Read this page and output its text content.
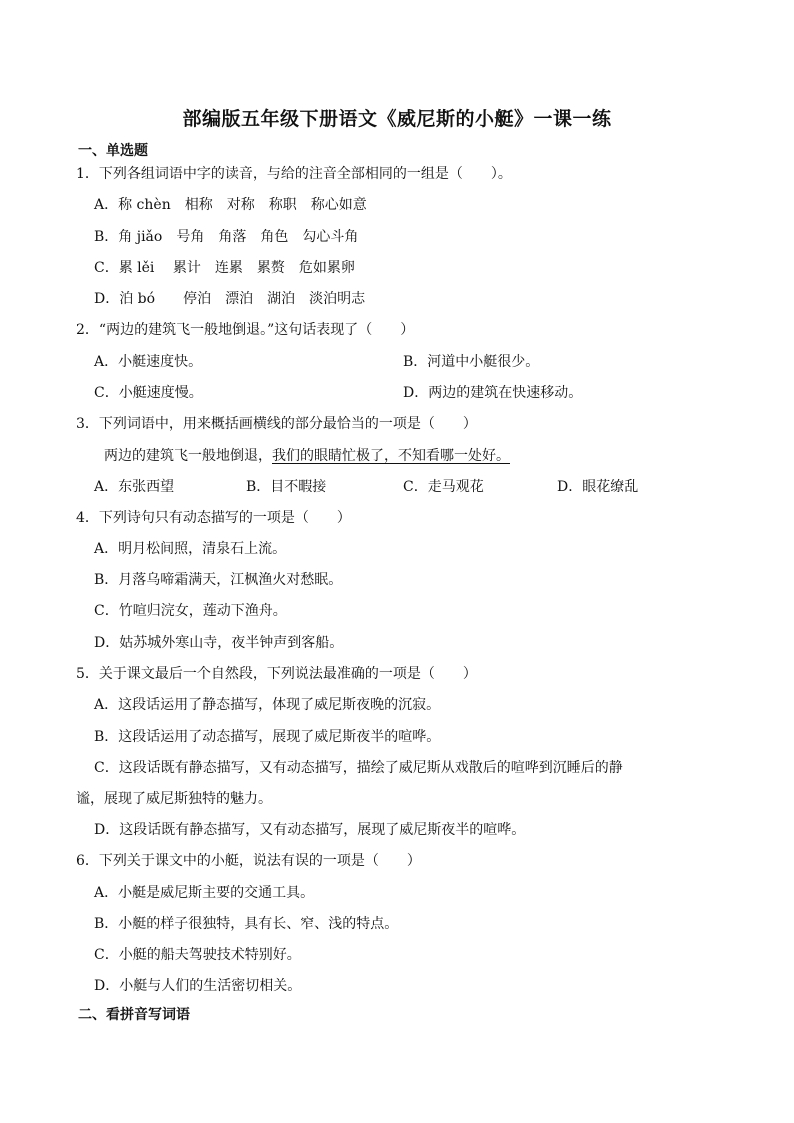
部编版五年级下册语文《威尼斯的小艇》一课一练
一、单选题
1．下列各组词语中字的读音，与给的注音全部相同的一组是（　　）。
A．称 chèn　相称　对称　称职　称心如意
B．角 jiǎo　号角　角落　角色　勾心斗角
C．累 lěi　 累计　连累　累赘　危如累卵
D．泊 bó　　停泊　漂泊　湖泊　淡泊明志
2．“两边的建筑飞一般地倒退。”这句话表现了（　　）
A．小艇速度快。	B．河道中小艇很少。
C．小艇速度慢。	D．两边的建筑在快速移动。
3．下列词语中，用来概括画横线的部分最恰当的一项是（　　）
两边的建筑飞一般地倒退，我们的眼睛忙极了，不知看哪一处好。
A．东张西望	B．目不暇接	C．走马观花	D．眼花缭乱
4．下列诗句只有动态描写的一项是（　　）
A．明月松间照，清泉石上流。
B．月落乌啼霜满天，江枫渔火对愁眠。
C．竹喧归浣女，莲动下渔舟。
D．姑苏城外寒山寺，夜半钟声到客船。
5．关于课文最后一个自然段，下列说法最准确的一项是（　　）
A．这段话运用了静态描写，体现了威尼斯夜晚的沉寂。
B．这段话运用了动态描写，展现了威尼斯夜半的喧哗。
C．这段话既有静态描写，又有动态描写，描绘了威尼斯从戏散后的喧哗到沉睡后的静
谧，展现了威尼斯独特的魅力。
D．这段话既有静态描写，又有动态描写，展现了威尼斯夜半的喧哗。
6．下列关于课文中的小艇，说法有误的一项是（　　）
A．小艇是威尼斯主要的交通工具。
B．小艇的样子很独特，具有长、窄、浅的特点。
C．小艇的船夫驾驶技术特别好。
D．小艇与人们的生活密切相关。
二、看拼音写词语
